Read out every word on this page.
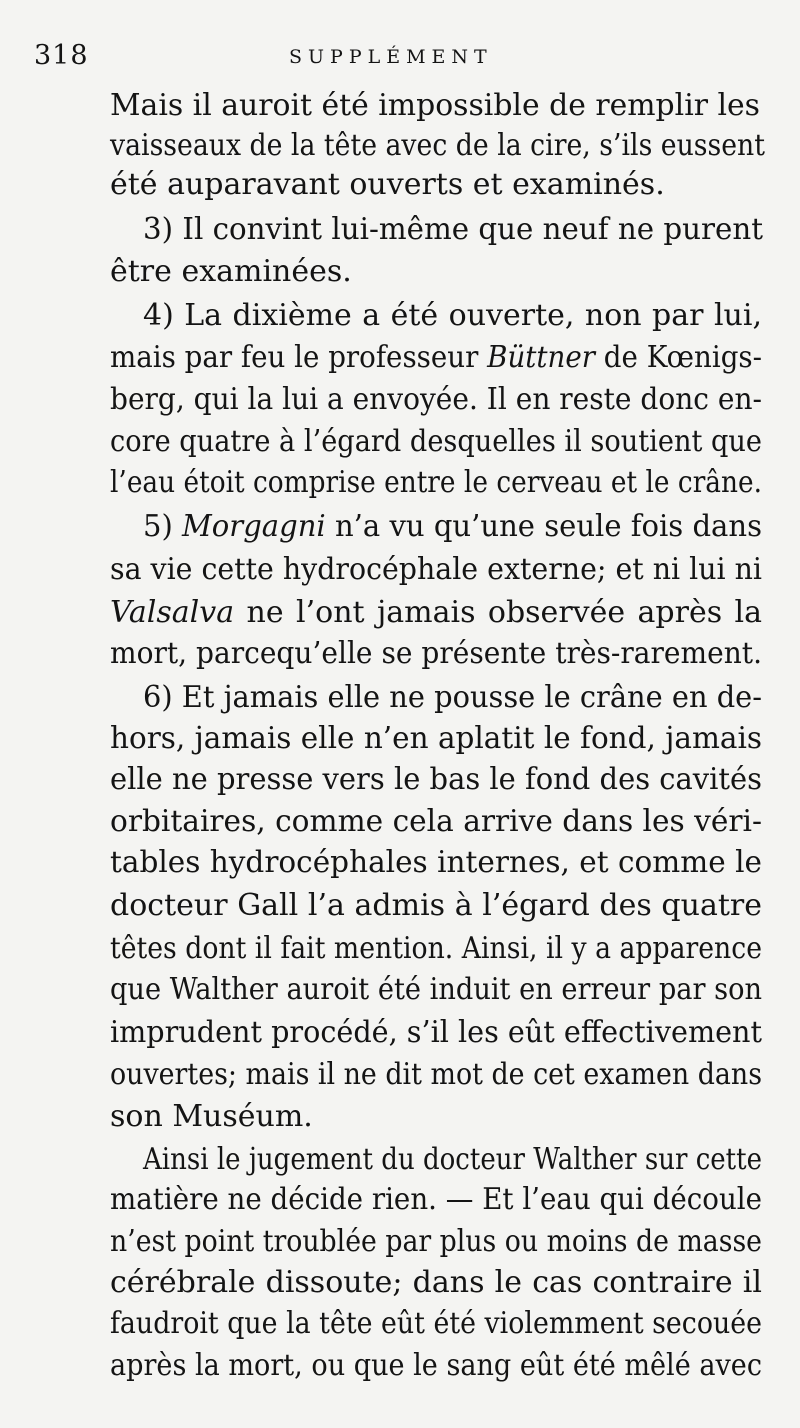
318	SUPPLÉMENT
Mais il auroit été impossible de remplir les
vaisseaux de la tête avec de la cire, s’ils eussent
été auparavant ouverts et examinés.
3) Il convint lui-même que neuf ne purent
être examinées.
4) La dixième a été ouverte, non par lui,
mais par feu le professeur Büttner de Kœnigs-
berg, qui la lui a envoyée. Il en reste donc en-
core quatre à l’égard desquelles il soutient que
l’eau étoit comprise entre le cerveau et le crâne.
5) Morgagni n’a vu qu’une seule fois dans
sa vie cette hydrocéphale externe; et ni lui ni
Valsalva ne l’ont jamais observée après la
mort, parcequ’elle se présente très-rarement.
6) Et jamais elle ne pousse le crâne en de-
hors, jamais elle n’en aplatit le fond, jamais
elle ne presse vers le bas le fond des cavités
orbitaires, comme cela arrive dans les véri-
tables hydrocéphales internes, et comme le
docteur Gall l’a admis à l’égard des quatre
têtes dont il fait mention. Ainsi, il y a apparence
que Walther auroit été induit en erreur par son
imprudent procédé, s’il les eût effectivement
ouvertes; mais il ne dit mot de cet examen dans
son Muséum.
Ainsi le jugement du docteur Walther sur cette
matière ne décide rien. — Et l’eau qui découle
n’est point troublée par plus ou moins de masse
cérébrale dissoute; dans le cas contraire il
faudroit que la tête eût été violemment secouée
après la mort, ou que le sang eût été mêlé avec
